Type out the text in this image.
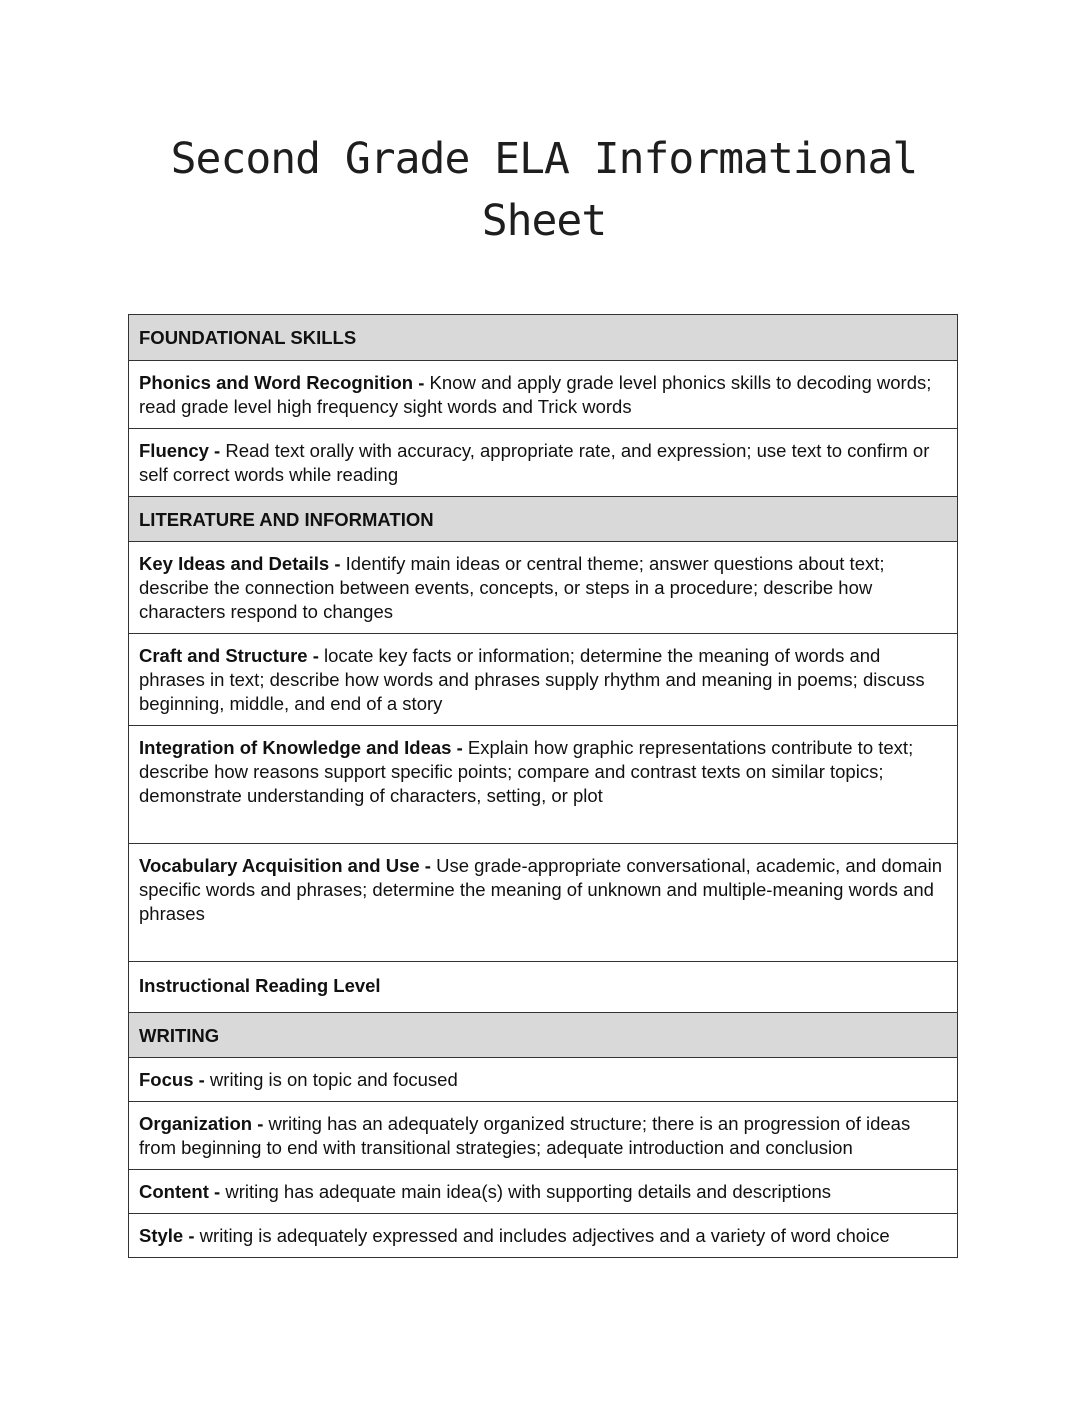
Second Grade ELA Informational
Sheet
FOUNDATIONAL SKILLS
Phonics and Word Recognition - Know and apply grade level phonics skills to decoding words; read grade level high frequency sight words and Trick words
Fluency - Read text orally with accuracy, appropriate rate, and expression; use text to confirm or self correct words while reading
LITERATURE AND INFORMATION
Key Ideas and Details - Identify main ideas or central theme; answer questions about text; describe the connection between events, concepts, or steps in a procedure; describe how characters respond to changes
Craft and Structure - locate key facts or information; determine the meaning of words and phrases in text; describe how words and phrases supply rhythm and meaning in poems; discuss beginning, middle, and end of a story
Integration of Knowledge and Ideas - Explain how graphic representations contribute to text; describe how reasons support specific points; compare and contrast texts on similar topics; demonstrate understanding of characters, setting, or plot
Vocabulary Acquisition and Use - Use grade-appropriate conversational, academic, and domain specific words and phrases; determine the meaning of unknown and multiple-meaning words and phrases
Instructional Reading Level
WRITING
Focus - writing is on topic and focused
Organization - writing has an adequately organized structure; there is an progression of ideas from beginning to end with transitional strategies; adequate introduction and conclusion
Content - writing has adequate main idea(s) with supporting details and descriptions
Style - writing is adequately expressed and includes adjectives and a variety of word choice
